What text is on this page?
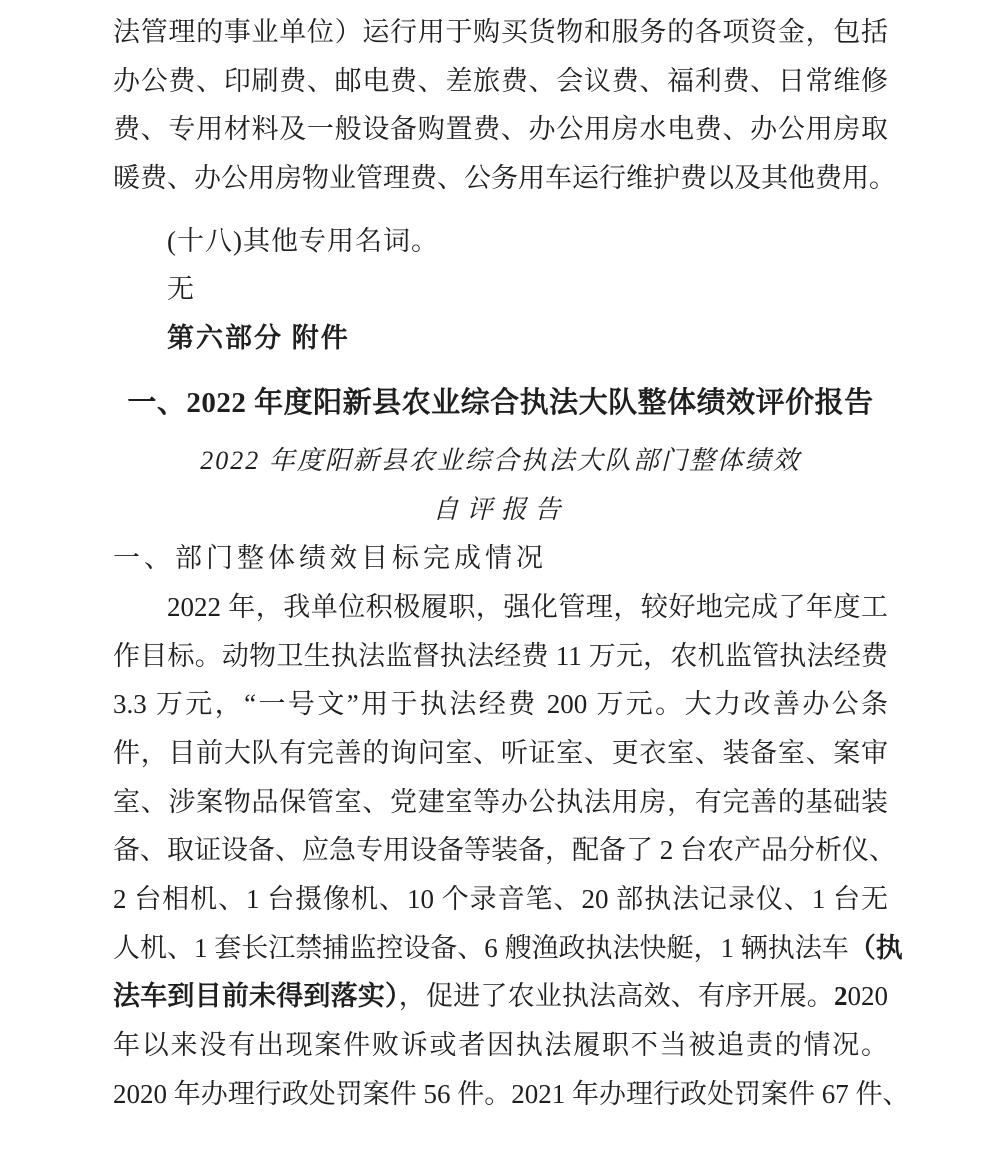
法管理的事业单位）运行用于购买货物和服务的各项资金，包括
办公费、印刷费、邮电费、差旅费、会议费、福利费、日常维修
费、专用材料及一般设备购置费、办公用房水电费、办公用房取
暖费、办公用房物业管理费、公务用车运行维护费以及其他费用。
(十八)其他专用名词。
无
第六部分 附件
一、2022 年度阳新县农业综合执法大队整体绩效评价报告
2022 年度阳新县农业综合执法大队部门整体绩效
自评报告
一、部门整体绩效目标完成情况
2022 年，我单位积极履职，强化管理，较好地完成了年度工
作目标。动物卫生执法监督执法经费 11 万元，农机监管执法经费
3.3 万元，“一号文”用于执法经费 200 万元。大力改善办公条
件，目前大队有完善的询问室、听证室、更衣室、装备室、案审
室、涉案物品保管室、党建室等办公执法用房，有完善的基础装
备、取证设备、应急专用设备等装备，配备了 2 台农产品分析仪、
2 台相机、1 台摄像机、10 个录音笔、20 部执法记录仪、1 台无
人机、1 套长江禁捕监控设备、6 艘渔政执法快艇，1 辆执法车（执
法车到目前未得到落实），促进了农业执法高效、有序开展。2020
年以来没有出现案件败诉或者因执法履职不当被追责的情况。
2020 年办理行政处罚案件 56 件。2021 年办理行政处罚案件 67 件、
